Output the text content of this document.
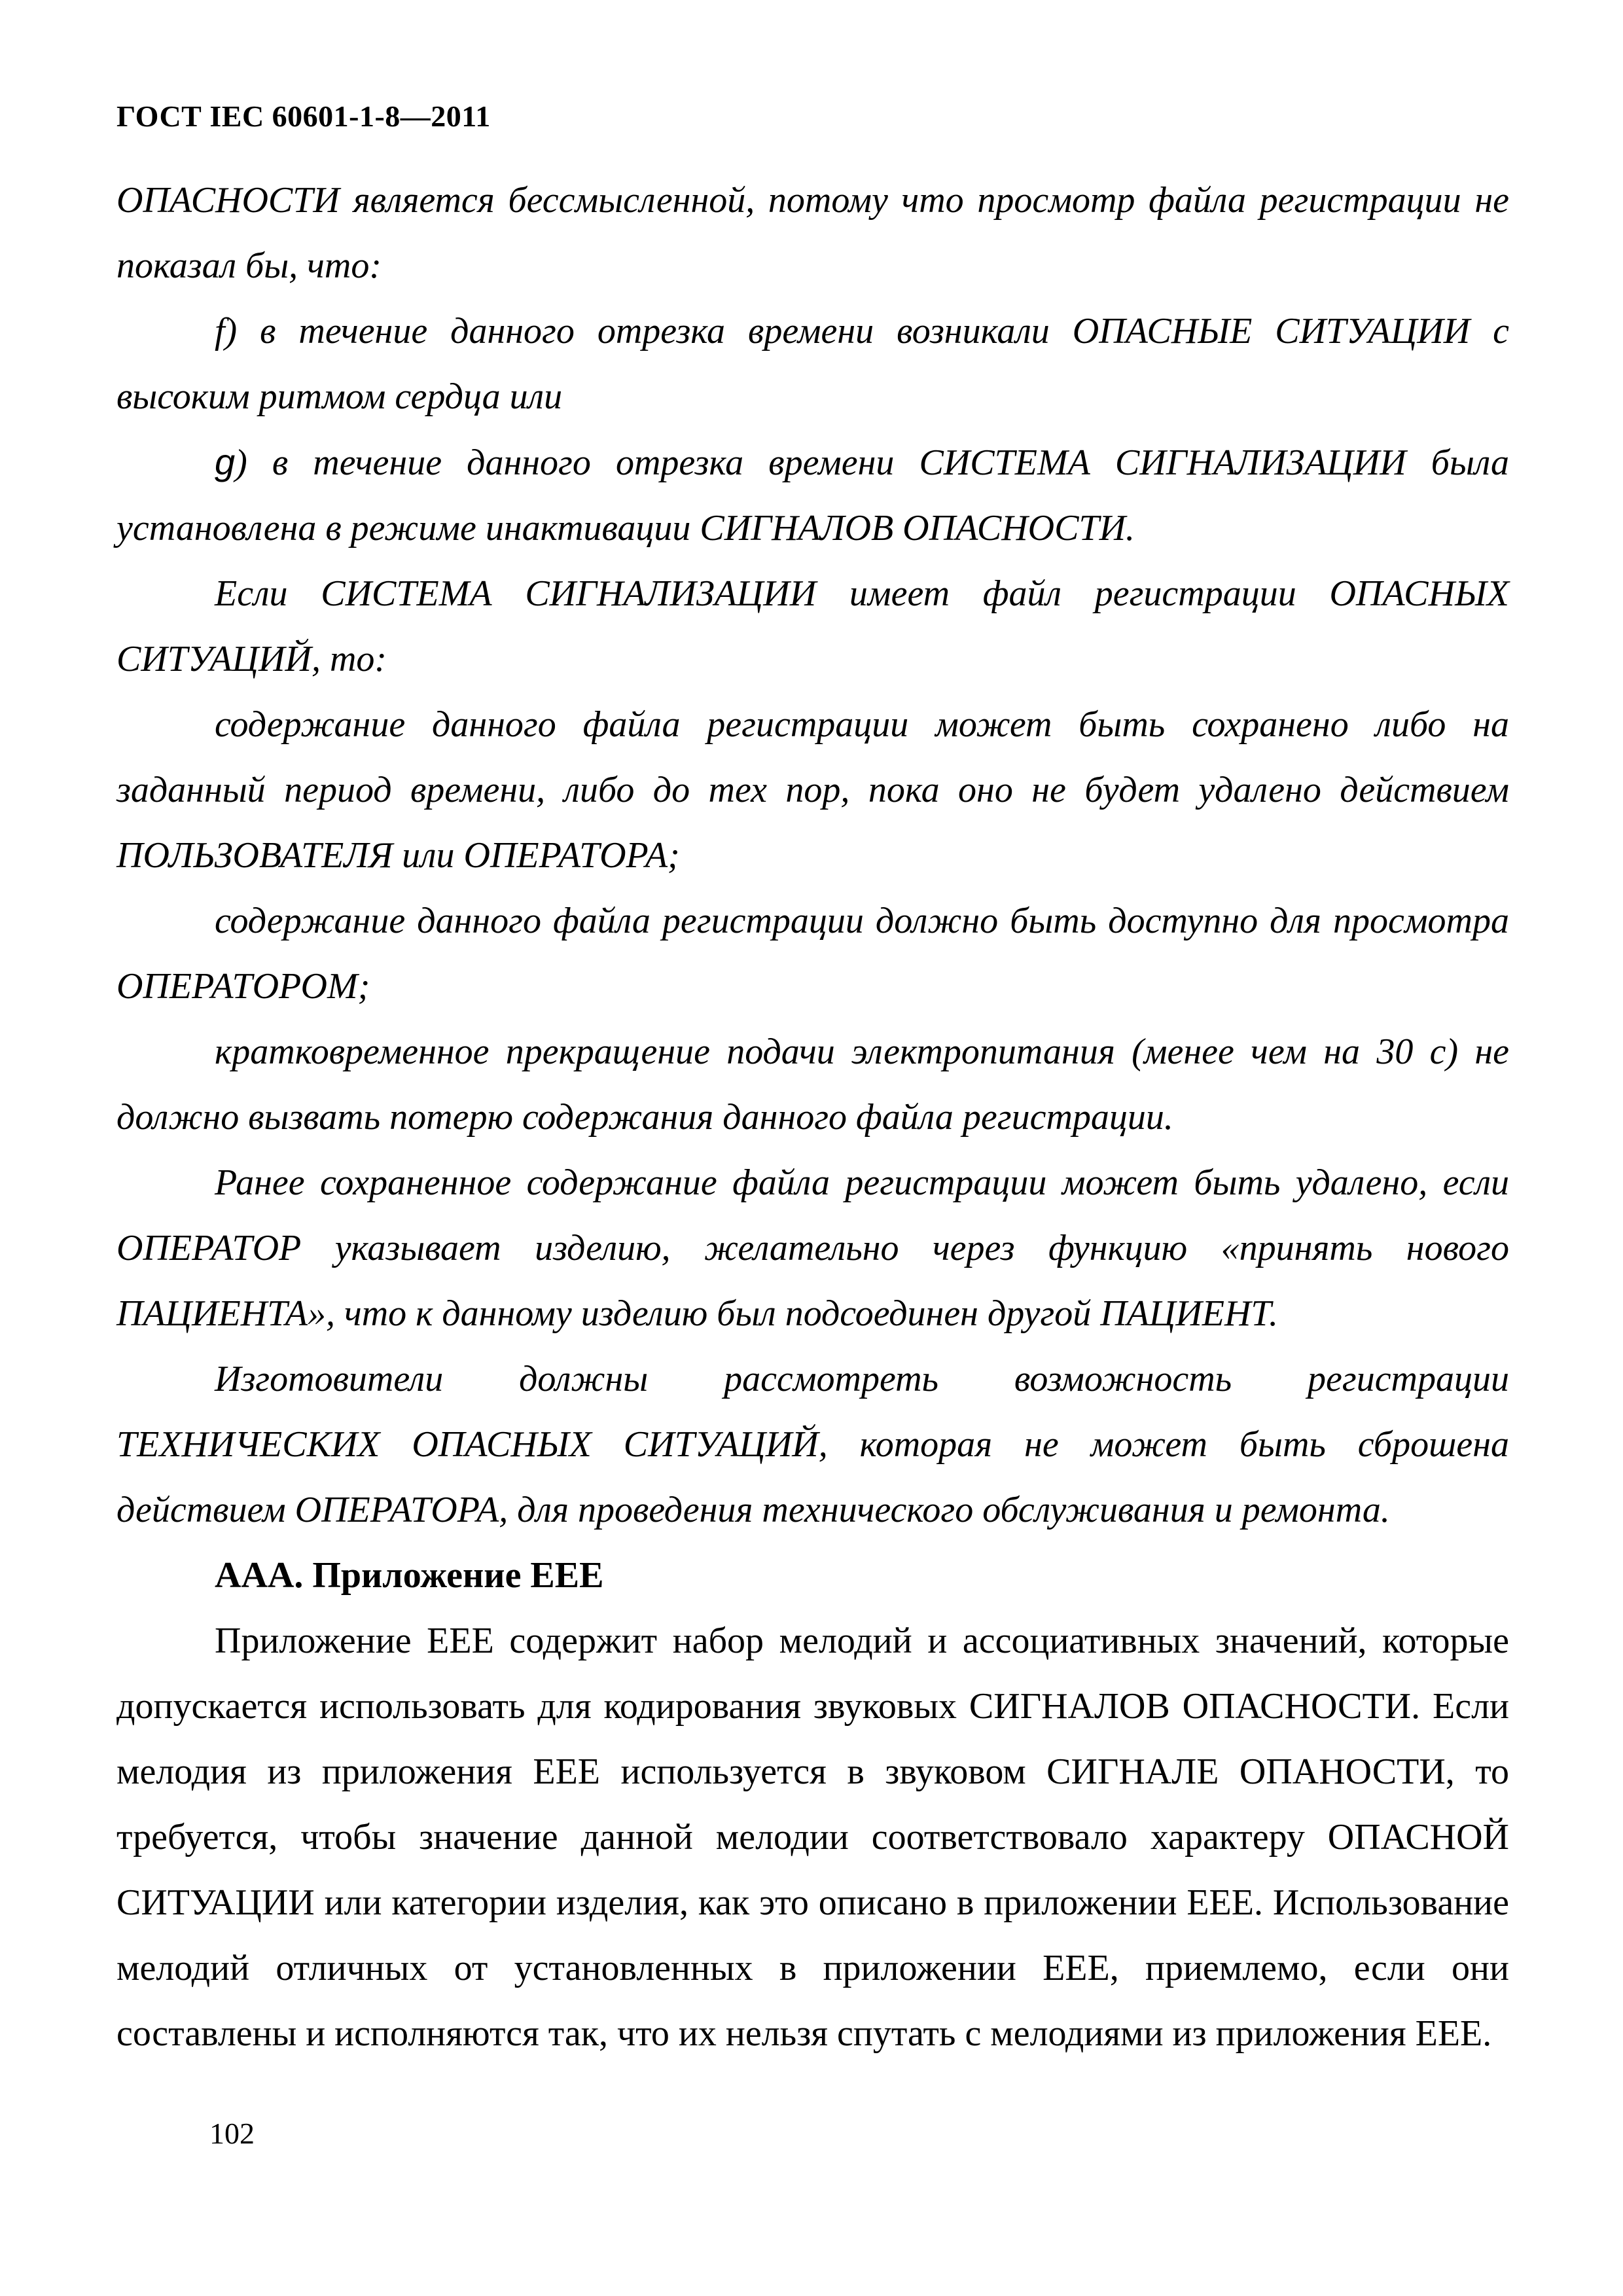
ГОСТ IEC 60601-1-8—2011

ОПАСНОСТИ является бессмысленной, потому что просмотр файла регистрации не показал бы, что:

f) в течение данного отрезка времени возникали ОПАСНЫЕ СИТУАЦИИ с высоким ритмом сердца или

g) в течение данного отрезка времени СИСТЕМА СИГНАЛИЗАЦИИ была установлена в режиме инактивации СИГНАЛОВ ОПАСНОСТИ.

Если СИСТЕМА СИГНАЛИЗАЦИИ имеет файл регистрации ОПАСНЫХ СИТУАЦИЙ, то:

содержание данного файла регистрации может быть сохранено либо на заданный период времени, либо до тех пор, пока оно не будет удалено действием ПОЛЬЗОВАТЕЛЯ или ОПЕРАТОРА;

содержание данного файла регистрации должно быть доступно для просмотра ОПЕРАТОРОМ;

кратковременное прекращение подачи электропитания (менее чем на 30 с) не должно вызвать потерю содержания данного файла регистрации.

Ранее сохраненное содержание файла регистрации может быть удалено, если ОПЕРАТОР указывает изделию, желательно через функцию «принять нового ПАЦИЕНТА», что к данному изделию был подсоединен другой ПАЦИЕНТ.

Изготовители должны рассмотреть возможность регистрации ТЕХНИЧЕСКИХ ОПАСНЫХ СИТУАЦИЙ, которая не может быть сброшена действием ОПЕРАТОРА, для проведения технического обслуживания и ремонта.

ААА. Приложение ЕЕЕ

Приложение ЕЕЕ содержит набор мелодий и ассоциативных значений, которые допускается использовать для кодирования звуковых СИГНАЛОВ ОПАСНОСТИ. Если мелодия из приложения ЕЕЕ используется в звуковом СИГНАЛЕ ОПАНОСТИ, то требуется, чтобы значение данной мелодии соответствовало характеру ОПАСНОЙ СИТУАЦИИ или категории изделия, как это описано в приложении ЕЕЕ. Использование мелодий отличных от установленных в приложении ЕЕЕ, приемлемо, если они составлены и исполняются так, что их нельзя спутать с мелодиями из приложения ЕЕЕ.

102
